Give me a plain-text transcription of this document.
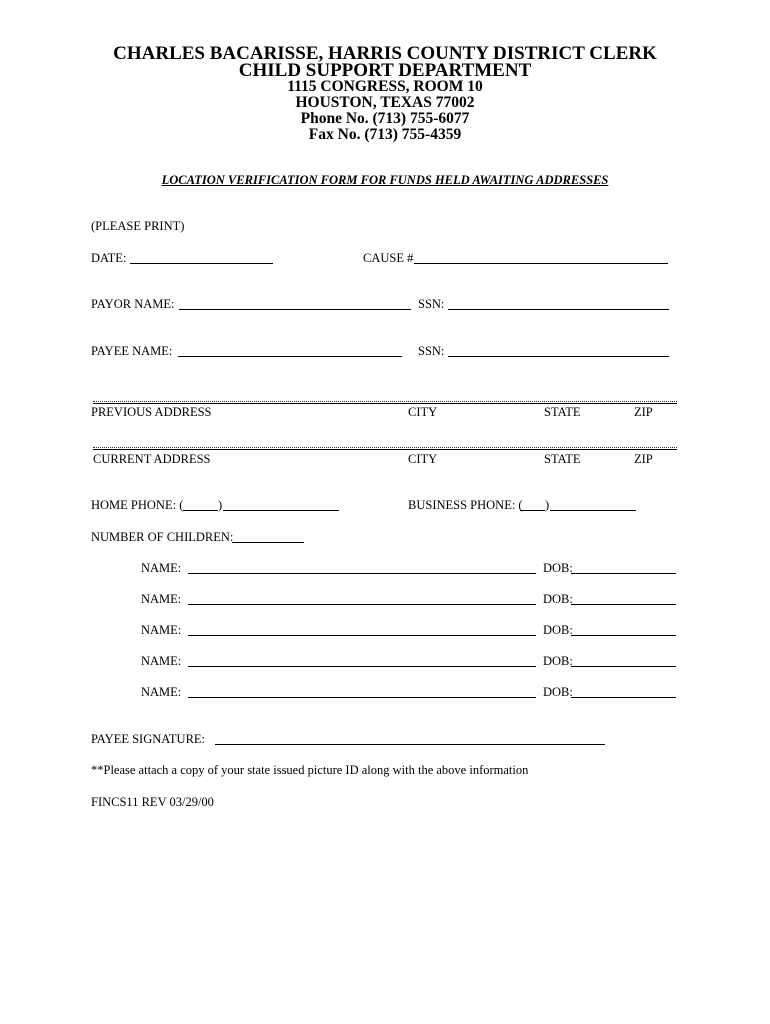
CHARLES BACARISSE, HARRIS COUNTY DISTRICT CLERK
CHILD SUPPORT DEPARTMENT
1115 CONGRESS, ROOM 10
HOUSTON, TEXAS 77002
Phone No. (713) 755-6077
Fax No. (713) 755-4359
LOCATION VERIFICATION FORM FOR FUNDS HELD AWAITING ADDRESSES
(PLEASE PRINT)
DATE:	CAUSE #
PAYOR NAME:	SSN:
PAYEE NAME:	SSN:
PREVIOUS ADDRESS	CITY	STATE	ZIP
CURRENT ADDRESS	CITY	STATE	ZIP
HOME PHONE: (	)	BUSINESS PHONE: ( )
NUMBER OF CHILDREN:
NAME:	DOB:
NAME:	DOB:
NAME:	DOB:
NAME:	DOB:
NAME:	DOB:
PAYEE SIGNATURE:
**Please attach a copy of your state issued picture ID along with the above information
FINCS11 REV 03/29/00
